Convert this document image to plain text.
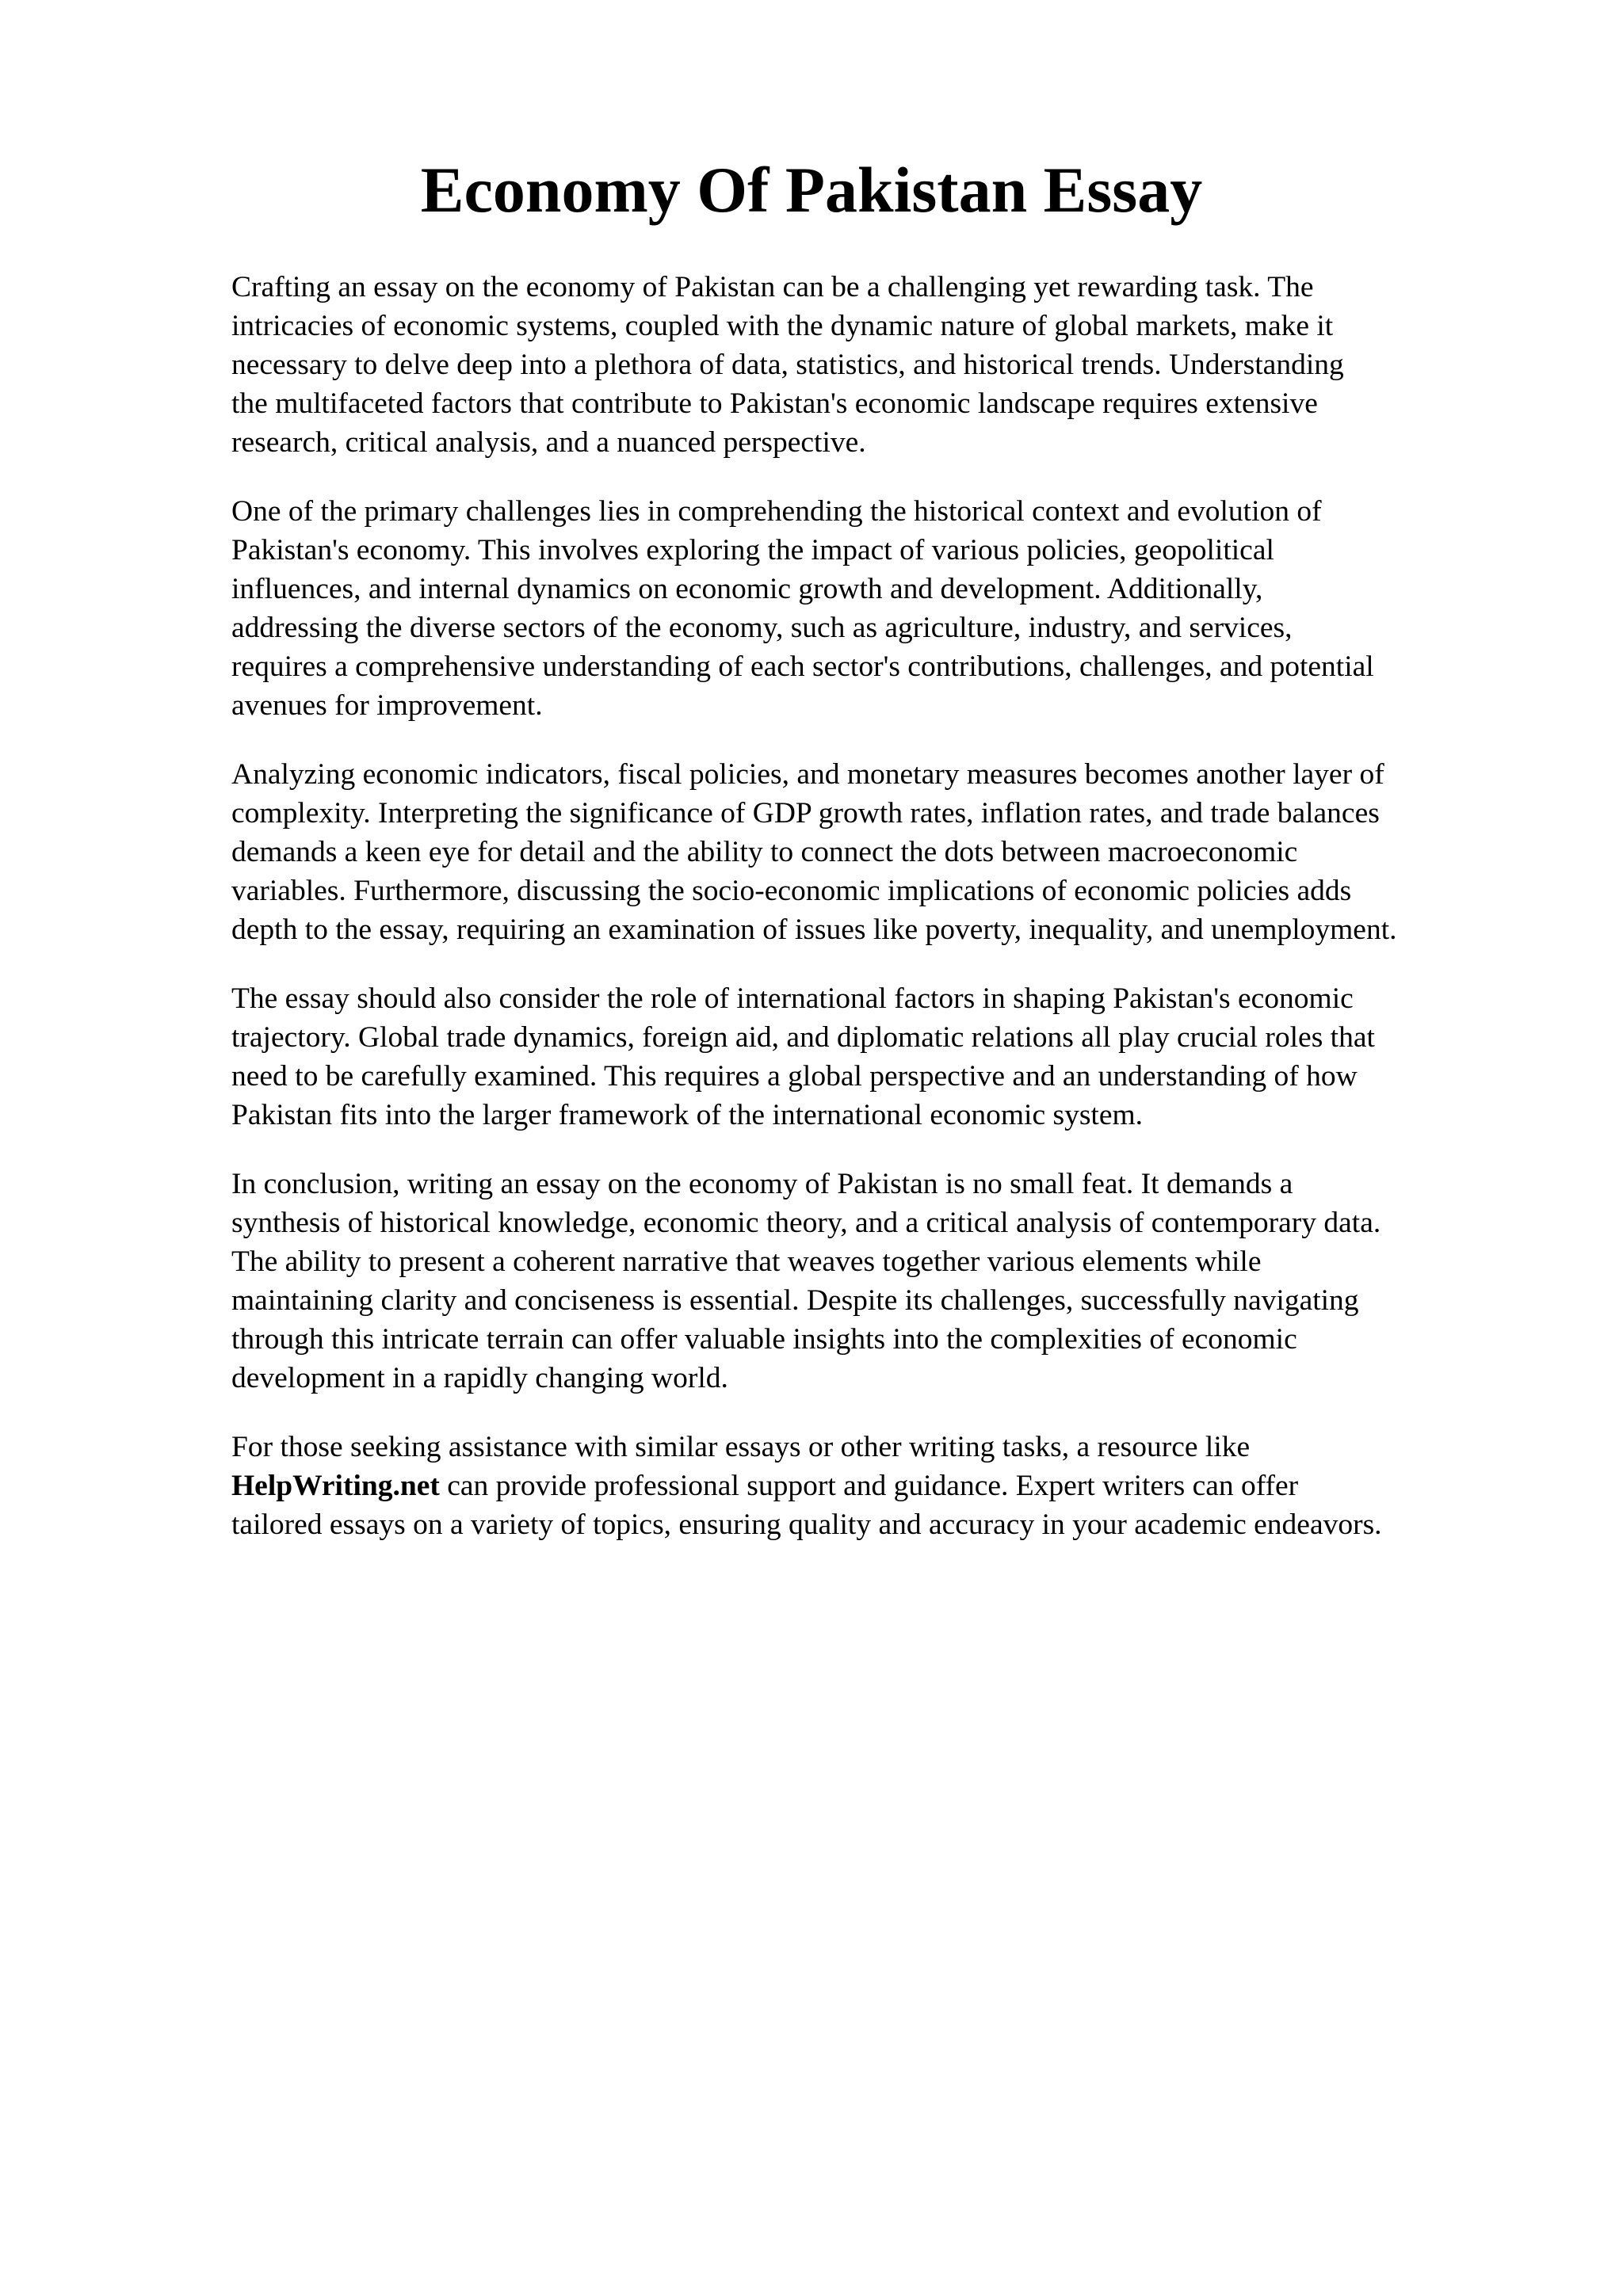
Economy Of Pakistan Essay

Crafting an essay on the economy of Pakistan can be a challenging yet rewarding task. The
intricacies of economic systems, coupled with the dynamic nature of global markets, make it
necessary to delve deep into a plethora of data, statistics, and historical trends. Understanding
the multifaceted factors that contribute to Pakistan's economic landscape requires extensive
research, critical analysis, and a nuanced perspective.

One of the primary challenges lies in comprehending the historical context and evolution of
Pakistan's economy. This involves exploring the impact of various policies, geopolitical
influences, and internal dynamics on economic growth and development. Additionally,
addressing the diverse sectors of the economy, such as agriculture, industry, and services,
requires a comprehensive understanding of each sector's contributions, challenges, and potential
avenues for improvement.

Analyzing economic indicators, fiscal policies, and monetary measures becomes another layer of
complexity. Interpreting the significance of GDP growth rates, inflation rates, and trade balances
demands a keen eye for detail and the ability to connect the dots between macroeconomic
variables. Furthermore, discussing the socio-economic implications of economic policies adds
depth to the essay, requiring an examination of issues like poverty, inequality, and unemployment.

The essay should also consider the role of international factors in shaping Pakistan's economic
trajectory. Global trade dynamics, foreign aid, and diplomatic relations all play crucial roles that
need to be carefully examined. This requires a global perspective and an understanding of how
Pakistan fits into the larger framework of the international economic system.

In conclusion, writing an essay on the economy of Pakistan is no small feat. It demands a
synthesis of historical knowledge, economic theory, and a critical analysis of contemporary data.
The ability to present a coherent narrative that weaves together various elements while
maintaining clarity and conciseness is essential. Despite its challenges, successfully navigating
through this intricate terrain can offer valuable insights into the complexities of economic
development in a rapidly changing world.

For those seeking assistance with similar essays or other writing tasks, a resource like
HelpWriting.net can provide professional support and guidance. Expert writers can offer
tailored essays on a variety of topics, ensuring quality and accuracy in your academic endeavors.
